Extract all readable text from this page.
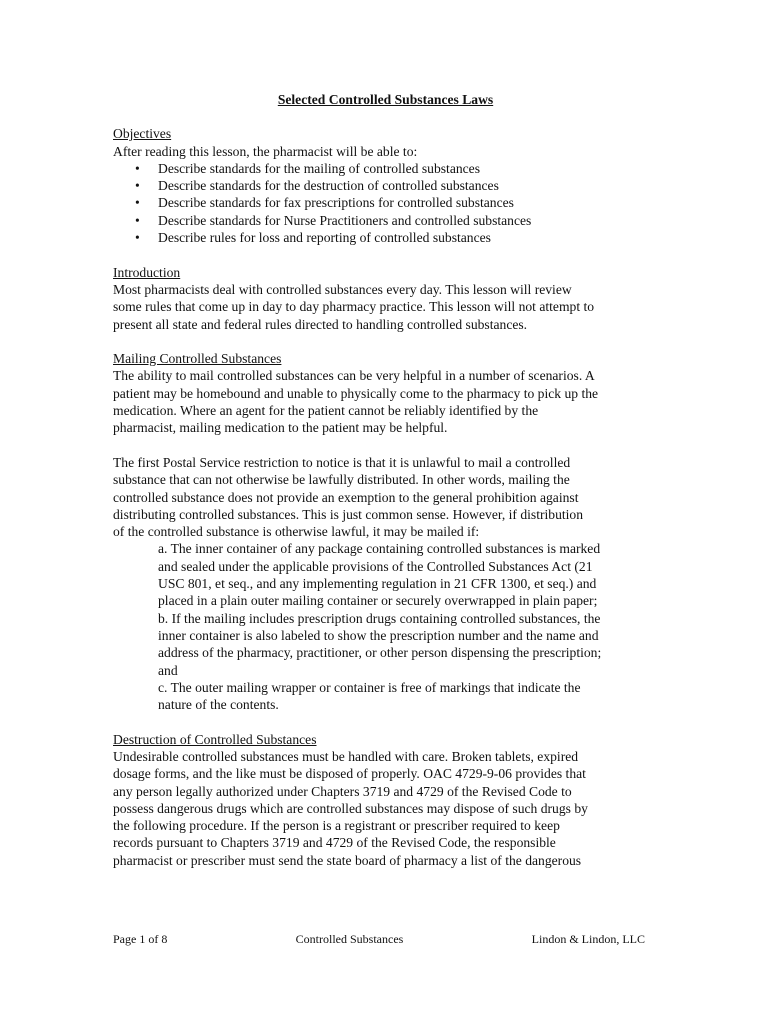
Selected Controlled Substances Laws

Objectives

After reading this lesson, the pharmacist will be able to:

• Describe standards for the mailing of controlled substances
• Describe standards for the destruction of controlled substances
• Describe standards for fax prescriptions for controlled substances
• Describe standards for Nurse Practitioners and controlled substances
• Describe rules for loss and reporting of controlled substances

Introduction

Most pharmacists deal with controlled substances every day. This lesson will review
some rules that come up in day to day pharmacy practice. This lesson will not attempt to
present all state and federal rules directed to handling controlled substances.

Mailing Controlled Substances

The ability to mail controlled substances can be very helpful in a number of scenarios. A
patient may be homebound and unable to physically come to the pharmacy to pick up the
medication. Where an agent for the patient cannot be reliably identified by the
pharmacist, mailing medication to the patient may be helpful.

The first Postal Service restriction to notice is that it is unlawful to mail a controlled
substance that can not otherwise be lawfully distributed. In other words, mailing the
controlled substance does not provide an exemption to the general prohibition against
distributing controlled substances. This is just common sense. However, if distribution
of the controlled substance is otherwise lawful, it may be mailed if:

a. The inner container of any package containing controlled substances is marked
and sealed under the applicable provisions of the Controlled Substances Act (21
USC 801, et seq., and any implementing regulation in 21 CFR 1300, et seq.) and
placed in a plain outer mailing container or securely overwrapped in plain paper;

b. If the mailing includes prescription drugs containing controlled substances, the
inner container is also labeled to show the prescription number and the name and
address of the pharmacy, practitioner, or other person dispensing the prescription;
and

c. The outer mailing wrapper or container is free of markings that indicate the
nature of the contents.

Destruction of Controlled Substances

Undesirable controlled substances must be handled with care. Broken tablets, expired
dosage forms, and the like must be disposed of properly. OAC 4729-9-06 provides that
any person legally authorized under Chapters 3719 and 4729 of the Revised Code to
possess dangerous drugs which are controlled substances may dispose of such drugs by
the following procedure. If the person is a registrant or prescriber required to keep
records pursuant to Chapters 3719 and 4729 of the Revised Code, the responsible
pharmacist or prescriber must send the state board of pharmacy a list of the dangerous

Page 1 of 8	Controlled Substances	Lindon & Lindon, LLC
